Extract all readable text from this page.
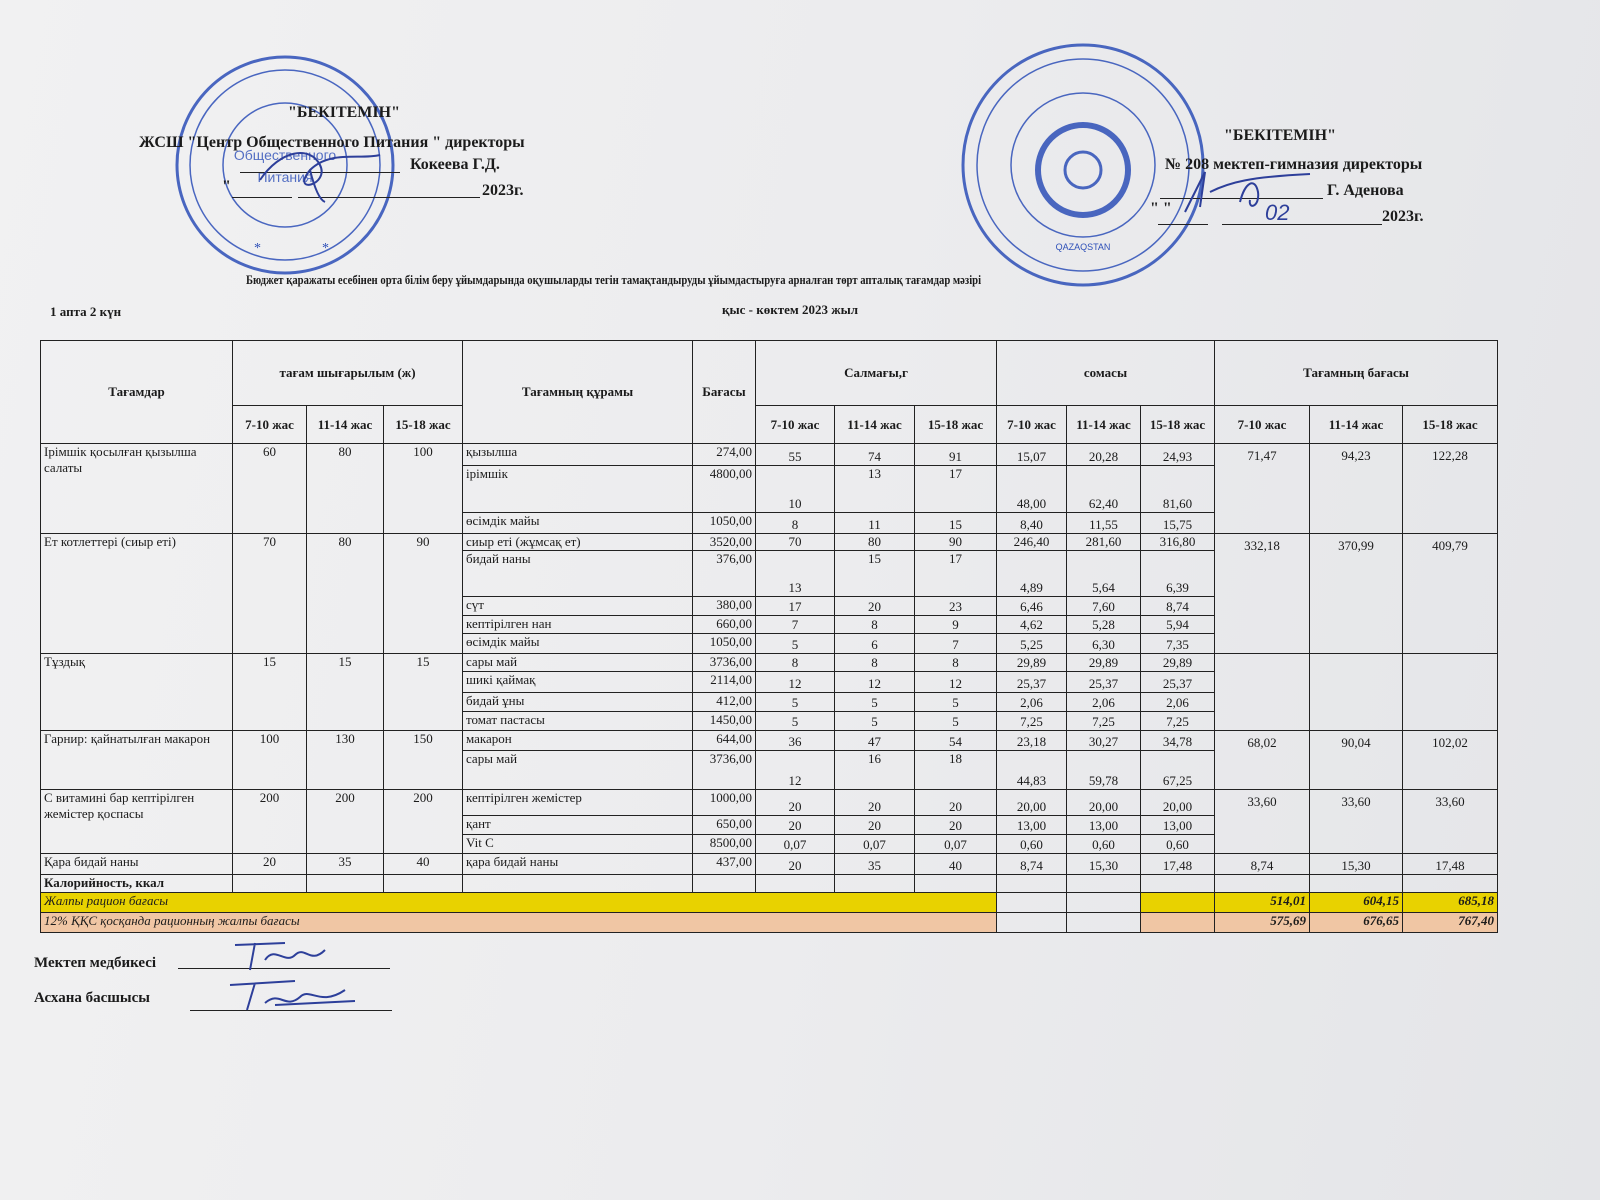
Общественного
Питания
*
*	QAZAQSTAN
"БЕКІТЕМІН"
ЖСШ "Центр Общественного Питания " директоры
Кокеева Г.Д.
"	2023г.
"БЕКІТЕМІН"
№ 208 мектеп-гимназия директоры
Г. Аденова
" "	02	2023г.
Бюджет қаражаты есебінен орта білім беру ұйымдарында оқушыларды тегін тамақтандыруды ұйымдастыруға арналған төрт апталық тағамдар мәзірі
1 апта 2 күн	қыс - көктем 2023 жыл
Тағамдар	тағам шығарылым (ж)			Тағамның құрамы	Бағасы	Салмағы,г			сомасы			Тағамның бағасы		
	7-10 жас	11-14 жас	15-18 жас			7-10 жас	11-14 жас	15-18 жас	7-10 жас	11-14 жас	15-18 жас	7-10 жас	11-14 жас	15-18 жас
Ірімшік қосылған қызылша салаты	60	80	100	қызылша	274,00	55	74	91	15,07	20,28	24,93	71,47	94,23	122,28
				ірімшік	4800,00	10	13	17	48,00	62,40	81,60			
				өсімдік майы	1050,00	8	11	15	8,40	11,55	15,75			
Ет котлеттері (сиыр еті)	70	80	90	сиыр еті (жұмсақ ет)	3520,00	70	80	90	246,40	281,60	316,80	332,18	370,99	409,79
				бидай наны	376,00	13	15	17	4,89	5,64	6,39			
				сүт	380,00	17	20	23	6,46	7,60	8,74			
				кептірілген нан	660,00	7	8	9	4,62	5,28	5,94			
				өсімдік майы	1050,00	5	6	7	5,25	6,30	7,35			
Тұздық	15	15	15	сары май	3736,00	8	8	8	29,89	29,89	29,89			
				шикі қаймақ	2114,00	12	12	12	25,37	25,37	25,37			
				бидай ұны	412,00	5	5	5	2,06	2,06	2,06			
				томат пастасы	1450,00	5	5	5	7,25	7,25	7,25			
Гарнир: қайнатылған макарон	100	130	150	макарон	644,00	36	47	54	23,18	30,27	34,78	68,02	90,04	102,02
				сары май	3736,00	12	16	18	44,83	59,78	67,25			
С витамині бар кептірілген жемістер қоспасы	200	200	200	кептірілген жемістер	1000,00	20	20	20	20,00	20,00	20,00	33,60	33,60	33,60
				қант	650,00	20	20	20	13,00	13,00	13,00			
				Vit C	8500,00	0,07	0,07	0,07	0,60	0,60	0,60			
Қара бидай наны	20	35	40	қара бидай наны	437,00	20	35	40	8,74	15,30	17,48	8,74	15,30	17,48
Калорийность, ккал														
Жалпы рацион бағасы												514,01	604,15	685,18
12% ҚҚС қосқанда рационның жалпы бағасы												575,69	676,65	767,40
Мектеп медбикесі
Асхана басшысы
